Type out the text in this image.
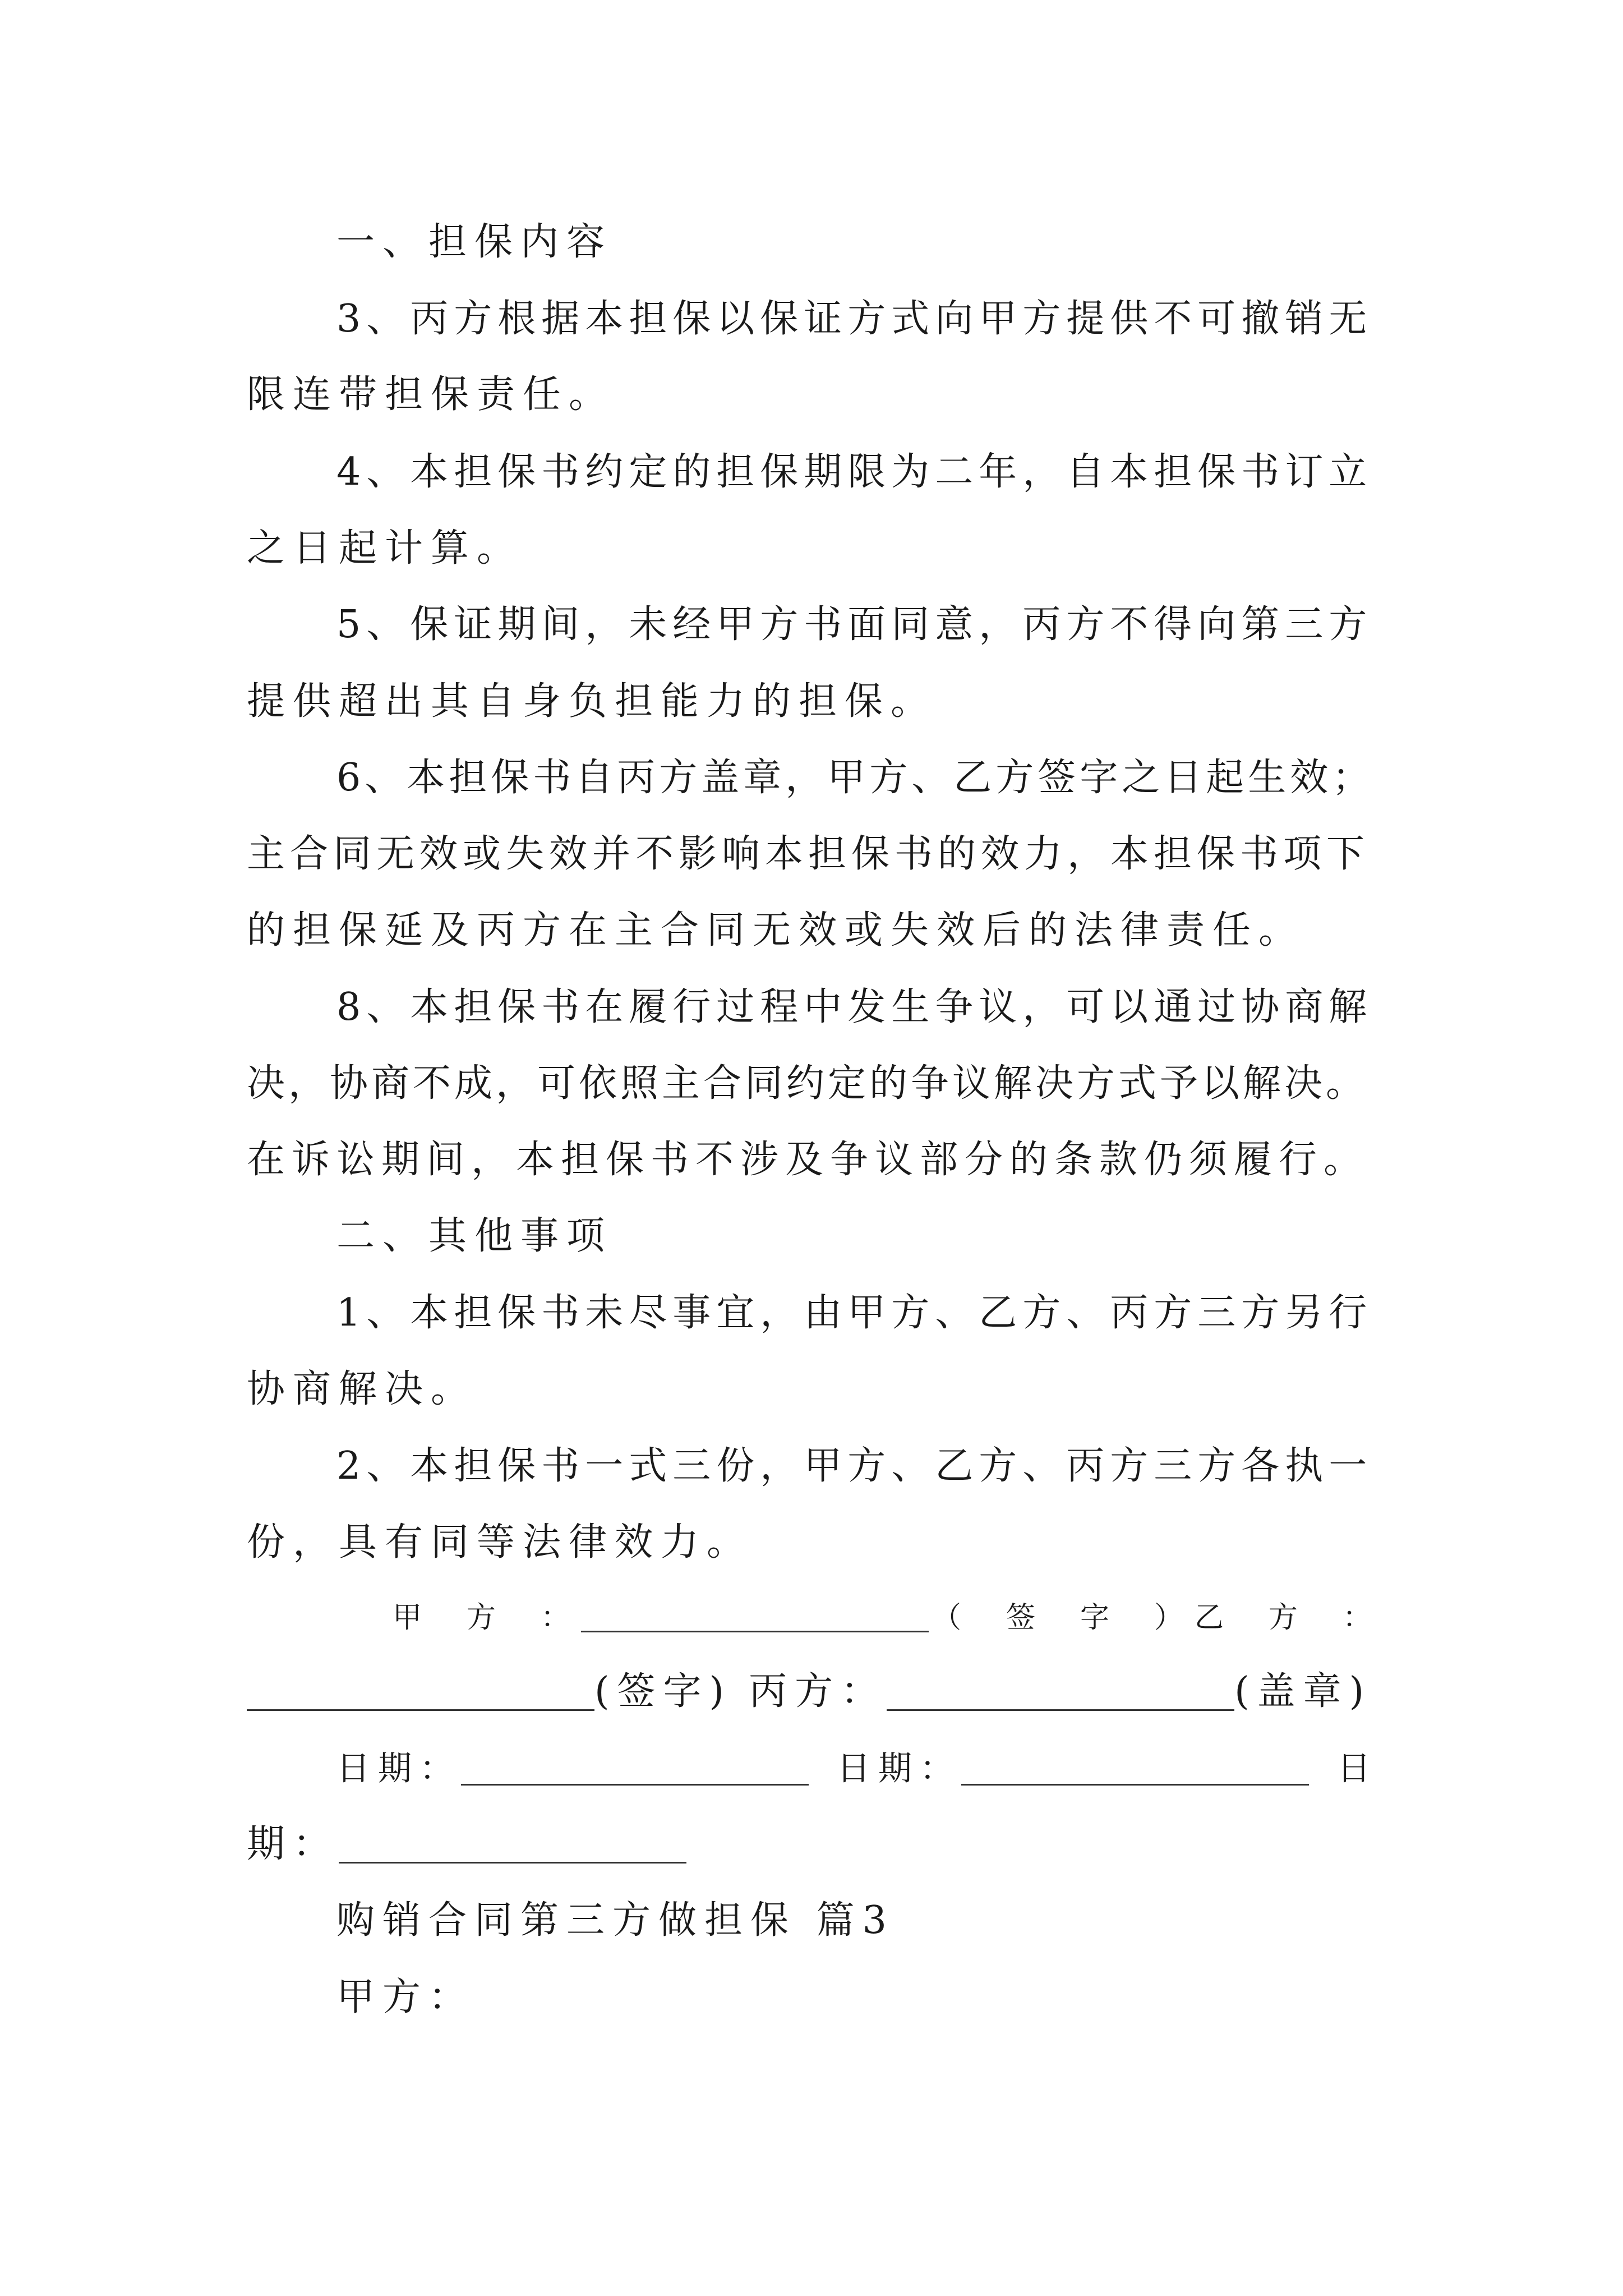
一、担保内容
3、丙方根据本担保以保证方式向甲方提供不可撤销无
限连带担保责任。
4、本担保书约定的担保期限为二年，自本担保书订立
之日起计算。
5、保证期间，未经甲方书面同意，丙方不得向第三方
提供超出其自身负担能力的担保。
6、本担保书自丙方盖章，甲方、乙方签字之日起生效；
主合同无效或失效并不影响本担保书的效力，本担保书项下
的担保延及丙方在主合同无效或失效后的法律责任。
8、本担保书在履行过程中发生争议，可以通过协商解
决，协商不成，可依照主合同约定的争议解决方式予以解决。
在诉讼期间，本担保书不涉及争议部分的条款仍须履行。
二、其他事项
1、本担保书未尽事宜，由甲方、乙方、丙方三方另行
协商解决。
2、本担保书一式三份，甲方、乙方、丙方三方各执一
份，具有同等法律效力。
甲　方　：	（　签　字　） 乙　方　：
(签字) 丙方：	(盖章)
日期：	日期：	日
期：
购销合同第三方做担保 篇3
甲方：
